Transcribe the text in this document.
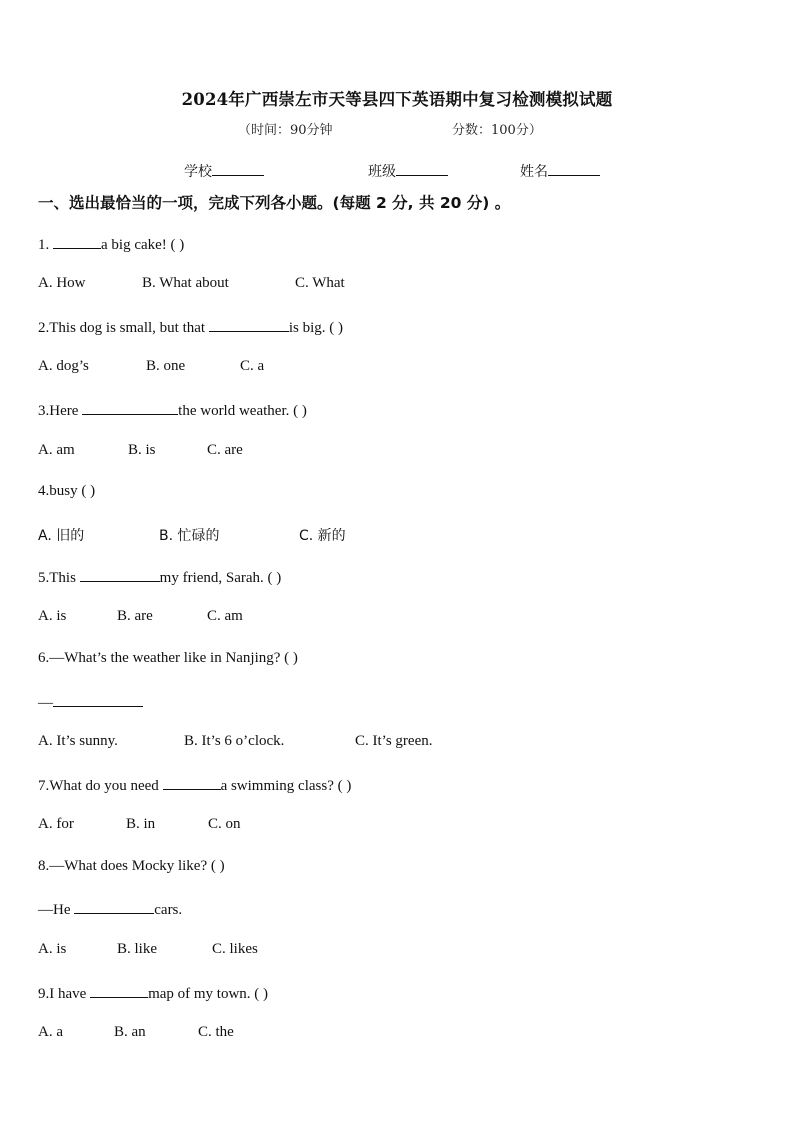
2024年广西崇左市天等县四下英语期中复习检测模拟试题
（时间：90分钟	分数：100分）
学校	班级	姓名
一、选出最恰当的一项，完成下列各小题。(每题 2 分, 共 20 分) 。
1.	a big cake! ( )
A. How	B. What about	C. What
2.This dog is small, but that	is big. ( )
A. dog’s	B. one	C. a
3.Here	the world weather. ( )
A. am	B. is	C. are
4.busy ( )
A. 旧的	B. 忙碌的	C. 新的
5.This	my friend, Sarah. ( )
A. is	B. are	C. am
6.—What’s the weather like in Nanjing? ( )
—
A. It’s sunny.	B. It’s 6 o’clock.	C. It’s green.
7.What do you need	a swimming class? ( )
A. for	B. in	C. on
8.—What does Mocky like? ( )
—He	cars.
A. is	B. like	C. likes
9.I have	map of my town. ( )
A. a	B. an	C. the
